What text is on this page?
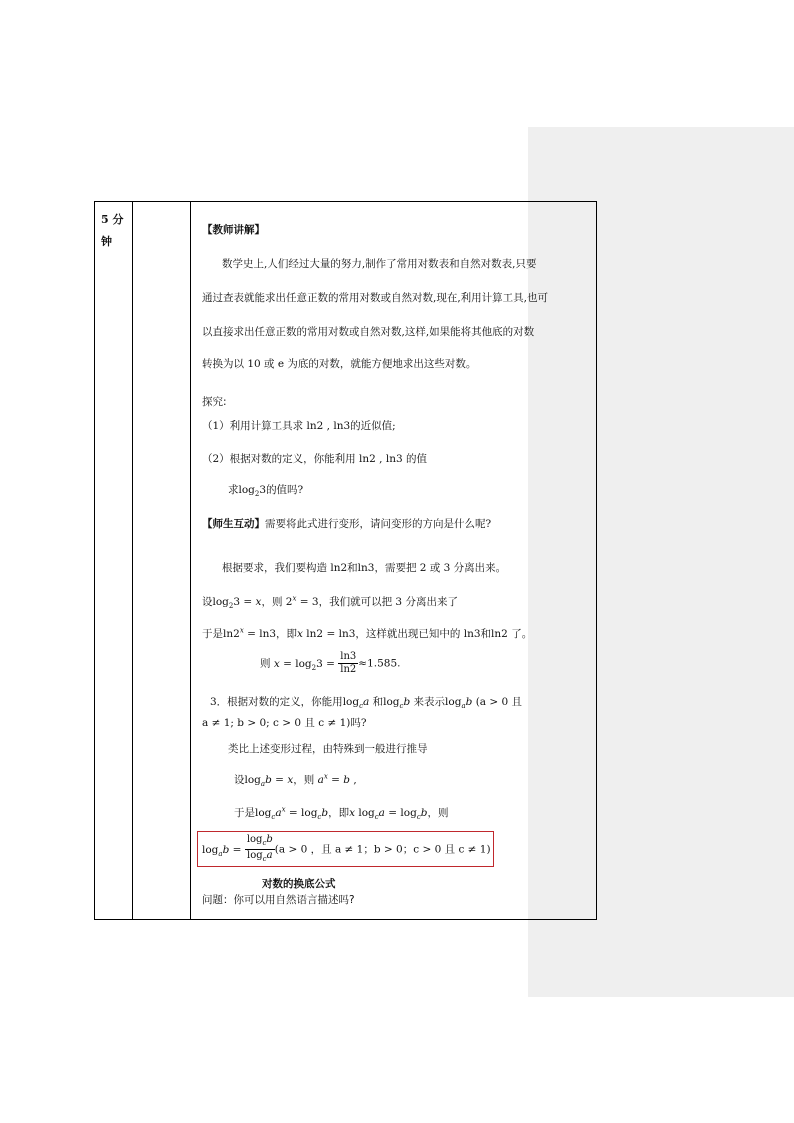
5 分钟
【教师讲解】
数学史上,人们经过大量的努力,制作了常用对数表和自然对数表,只要
通过查表就能求出任意正数的常用对数或自然对数,现在,利用计算工具,也可
以直接求出任意正数的常用对数或自然对数,这样,如果能将其他底的对数
转换为以 10 或 e 为底的对数，就能方便地求出这些对数。
探究:
（1）利用计算工具求 ln2 , ln3的近似值;
（2）根据对数的定义，你能利用 ln2 , ln3 的值
求$\log_23$的值吗?
【师生互动】需要将此式进行变形，请问变形的方向是什么呢?
根据要求，我们要构造 ln2和ln3，需要把 2 或 3 分离出来。
设$\log_23 = x$，则 $2^x = 3$，我们就可以把 3 分离出来了
于是$\ln 2^x = \ln 3$，即x ln2 = ln3，这样就出现已知中的 ln3和ln2 了。
则 $x = \log_23 = \frac{\ln 3}{\ln 2} \approx 1.585$.
3．根据对数的定义，你能用$\log_ca$ 和$\log_cb$ 来表示$\log_ab$ (a > 0 且
a ≠ 1; b > 0; c > 0 且 c ≠ 1)吗?
类比上述变形过程，由特殊到一般进行推导
设$\log_ab = x$，则 $a^x = b$ ,
于是$\log_ca^x = \log_cb$，即x $\log_ca = \log_cb$，则
$\log_ab = \frac{\log_cb}{\log_ca} (a > 0$ ，且 a ≠ 1；b > 0；c > 0 且 c ≠ 1)
对数的换底公式
问题：你可以用自然语言描述吗?
